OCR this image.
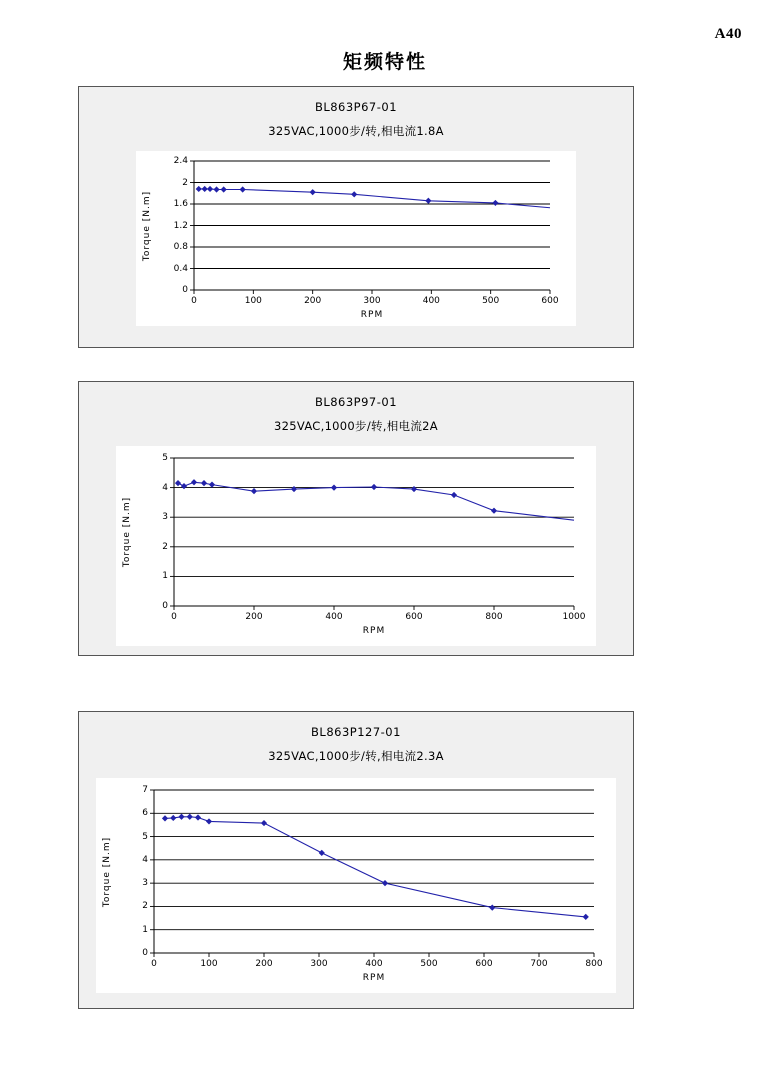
A40
矩频特性
BL863P67-01
325VAC,1000步/转,相电流1.8A
0
0.4
0.8
1.2
1.6
2
2.4
0	100	200	300	400	500	600
RPM
Torque [N.m]
BL863P97-01
325VAC,1000步/转,相电流2A
0
1
2
3
4
5
0	200	400	600	800	1000
RPM
Torque [N.m]
BL863P127-01
325VAC,1000步/转,相电流2.3A
0
1
2
3
4
5
6
7
0	100	200	300	400	500	600	700	800
RPM
Torque [N.m]
